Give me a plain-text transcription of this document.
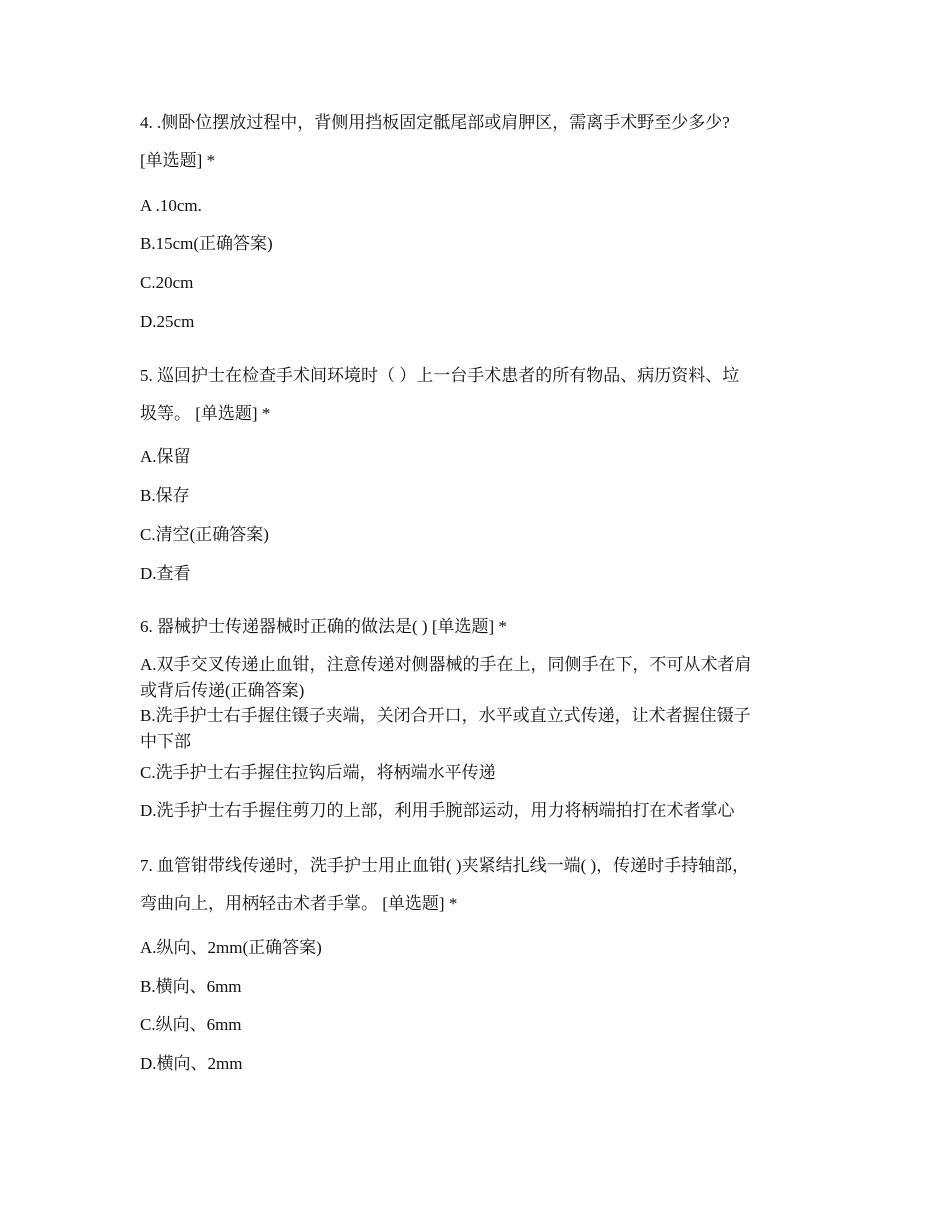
4. .侧卧位摆放过程中，背侧用挡板固定骶尾部或肩胛区，需离手术野至少多少?
[单选题] *
A .10cm.
B.15cm(正确答案)
C.20cm
D.25cm
5. 巡回护士在检查手术间环境时（ ）上一台手术患者的所有物品、病历资料、垃
圾等。 [单选题] *
A.保留
B.保存
C.清空(正确答案)
D.查看
6. 器械护士传递器械时正确的做法是( ) [单选题] *
A.双手交叉传递止血钳，注意传递对侧器械的手在上，同侧手在下，不可从术者肩
或背后传递(正确答案)
B.洗手护士右手握住镊子夹端，关闭合开口，水平或直立式传递，让术者握住镊子
中下部
C.洗手护士右手握住拉钩后端，将柄端水平传递
D.洗手护士右手握住剪刀的上部，利用手腕部运动，用力将柄端拍打在术者掌心
7. 血管钳带线传递时，洗手护士用止血钳( )夹紧结扎线一端( )，传递时手持轴部，
弯曲向上，用柄轻击术者手掌。 [单选题] *
A.纵向、2mm(正确答案)
B.横向、6mm
C.纵向、6mm
D.横向、2mm
